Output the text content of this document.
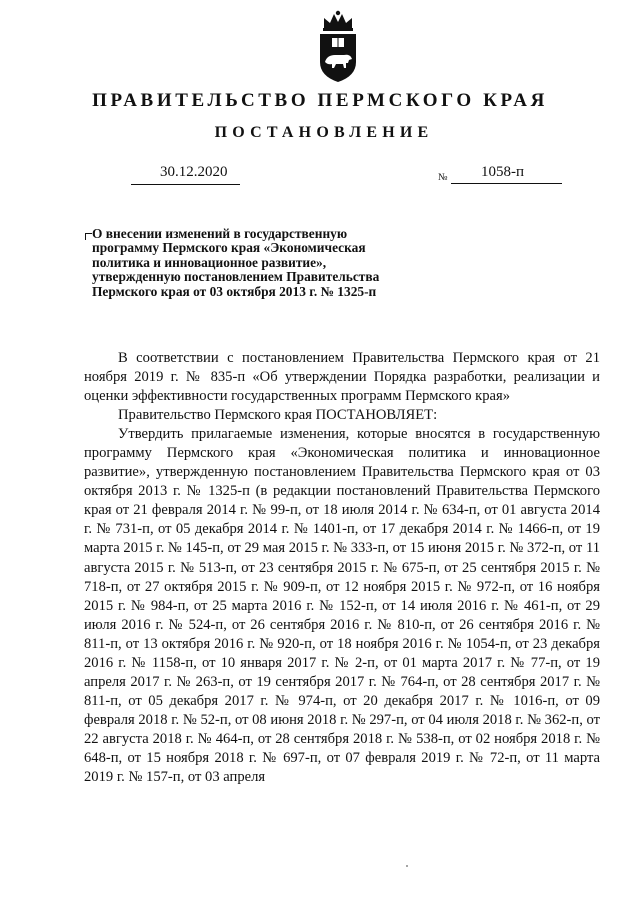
ПРАВИТЕЛЬСТВО ПЕРМСКОГО КРАЯ
ПОСТАНОВЛЕНИЕ
30.12.2020	№ 1058-п
О внесении изменений в государственную
программу Пермского края «Экономическая
политика и инновационное развитие»,
утвержденную постановлением Правительства
Пермского края от 03 октября 2013 г. № 1325-п

В соответствии с постановлением Правительства Пермского края от 21 ноября 2019 г. № 835-п «Об утверждении Порядка разработки, реализации и оценки эффективности государственных программ Пермского края»

Правительство Пермского края ПОСТАНОВЛЯЕТ:

Утвердить прилагаемые изменения, которые вносятся в государственную программу Пермского края «Экономическая политика и инновационное развитие», утвержденную постановлением Правительства Пермского края от 03 октября 2013 г. № 1325-п (в редакции постановлений Правительства Пермского края от 21 февраля 2014 г. № 99-п, от 18 июля 2014 г. № 634-п, от 01 августа 2014 г. № 731-п, от 05 декабря 2014 г. № 1401-п, от 17 декабря 2014 г. № 1466-п, от 19 марта 2015 г. № 145-п, от 29 мая 2015 г. № 333-п, от 15 июня 2015 г. № 372-п, от 11 августа 2015 г. № 513-п, от 23 сентября 2015 г. № 675-п, от 25 сентября 2015 г. № 718-п, от 27 октября 2015 г. № 909-п, от 12 ноября 2015 г. № 972-п, от 16 ноября 2015 г. № 984-п, от 25 марта 2016 г. № 152-п, от 14 июля 2016 г. № 461-п, от 29 июля 2016 г. № 524-п, от 26 сентября 2016 г. № 810-п, от 26 сентября 2016 г. № 811-п, от 13 октября 2016 г. № 920-п, от 18 ноября 2016 г. № 1054-п, от 23 декабря 2016 г. № 1158-п, от 10 января 2017 г. № 2-п, от 01 марта 2017 г. № 77-п, от 19 апреля 2017 г. № 263-п, от 19 сентября 2017 г. № 764-п, от 28 сентября 2017 г. № 811-п, от 05 декабря 2017 г. № 974-п, от 20 декабря 2017 г. № 1016-п, от 09 февраля 2018 г. № 52-п, от 08 июня 2018 г. № 297-п, от 04 июля 2018 г. № 362-п, от 22 августа 2018 г. № 464-п, от 28 сентября 2018 г. № 538-п, от 02 ноября 2018 г. № 648-п, от 15 ноября 2018 г. № 697-п, от 07 февраля 2019 г. № 72-п, от 11 марта 2019 г. № 157-п, от 03 апреля
